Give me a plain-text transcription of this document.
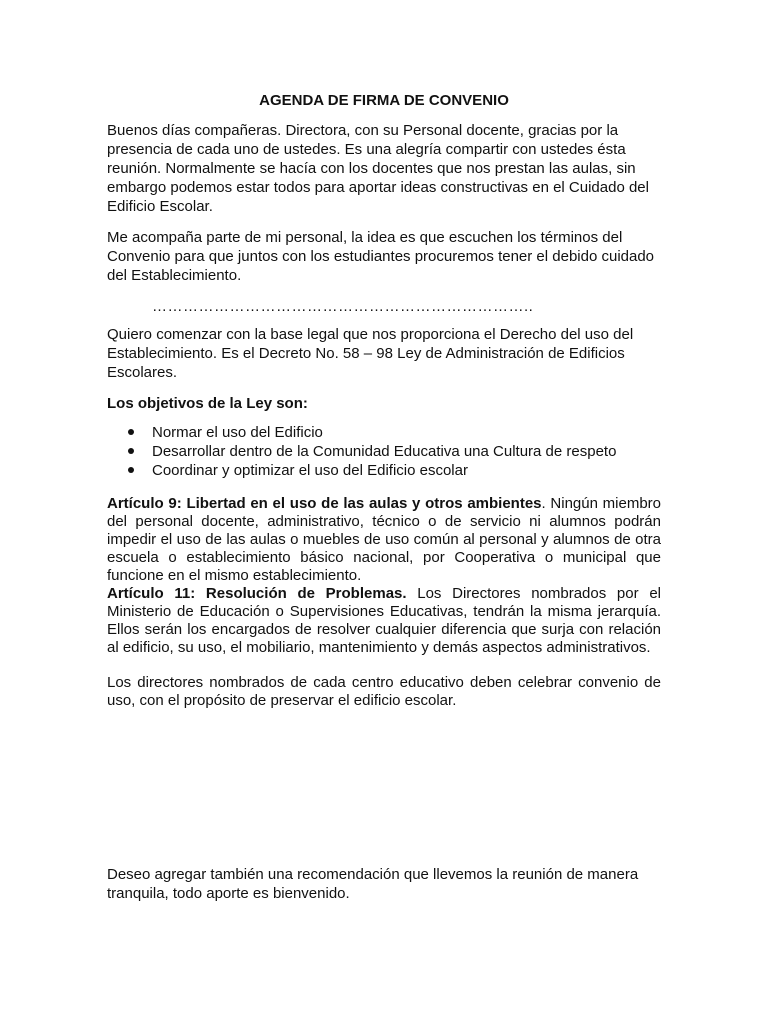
AGENDA DE FIRMA DE CONVENIO

Buenos días compañeras. Directora, con su Personal docente, gracias por la presencia de cada uno de ustedes. Es una alegría compartir con ustedes ésta reunión. Normalmente se hacía con los docentes que nos prestan las aulas, sin embargo podemos estar todos para aportar ideas constructivas en el Cuidado del Edificio Escolar.

Me acompaña parte de mi personal, la idea es que escuchen los términos del Convenio para que juntos con los estudiantes procuremos tener el debido cuidado del Establecimiento.

………………………………………………………………..

Quiero comenzar con la base legal que nos proporciona el Derecho del uso del Establecimiento. Es el Decreto No. 58 – 98 Ley de Administración de Edificios Escolares.

Los objetivos de la Ley son:

Normar el uso del Edificio
Desarrollar dentro de la Comunidad Educativa una Cultura de respeto
Coordinar y optimizar el uso del Edificio escolar

Artículo 9: Libertad en el uso de las aulas y otros ambientes. Ningún miembro del personal docente, administrativo, técnico o de servicio ni alumnos podrán impedir el uso de las aulas o muebles de uso común al personal y alumnos de otra escuela o establecimiento básico nacional, por Cooperativa o municipal que funcione en el mismo establecimiento.

Artículo 11: Resolución de Problemas. Los Directores nombrados por el Ministerio de Educación o Supervisiones Educativas, tendrán la misma jerarquía. Ellos serán los encargados de resolver cualquier diferencia que surja con relación al edificio, su uso, el mobiliario, mantenimiento y demás aspectos administrativos.

Los directores nombrados de cada centro educativo deben celebrar convenio de uso, con el propósito de preservar el edificio escolar.

Deseo agregar también una recomendación que llevemos la reunión de manera tranquila, todo aporte es bienvenido.
